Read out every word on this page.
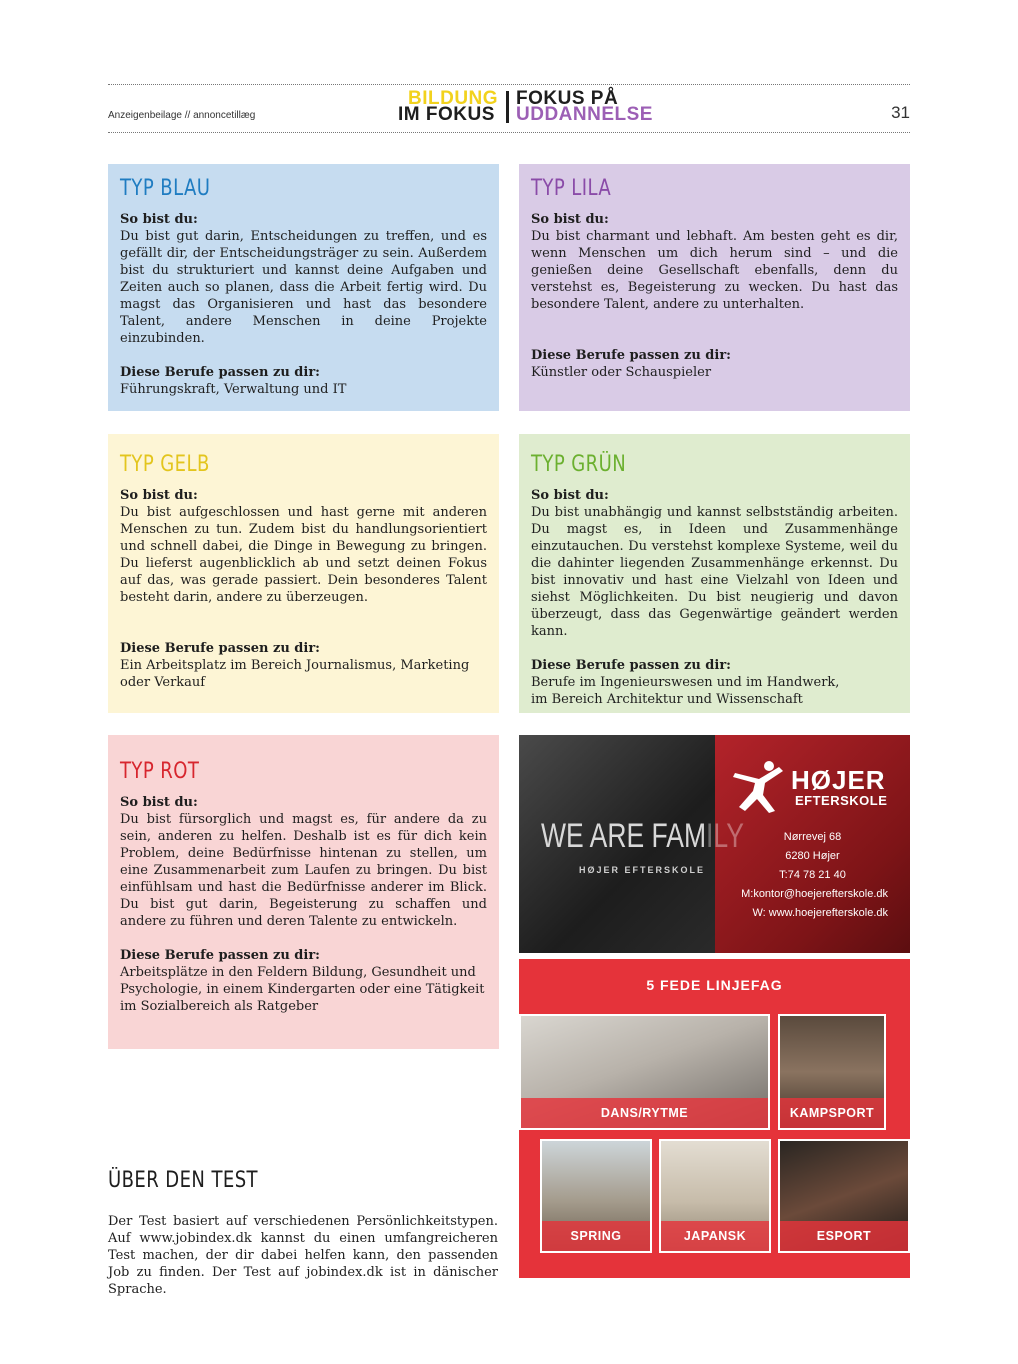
Anzeigenbeilage // annoncetillæg
BILDUNG
IM FOKUS
FOKUS PÅ
UDDANNELSE	31
TYP BLAU

So bist du:

Du bist gut darin, Entscheidungen zu treffen, und es gefällt dir, der Entscheidungsträger zu sein. Außerdem bist du strukturiert und kannst deine Aufgaben und Zeiten auch so planen, dass die Arbeit fertig wird. Du magst das Organisieren und hast das besondere Talent, andere Menschen in deine Projekte einzubinden.

Diese Berufe passen zu dir:

Führungskraft, Verwaltung und IT

TYP LILA

So bist du:

Du bist charmant und lebhaft. Am besten geht es dir, wenn Menschen um dich herum sind – und die genießen deine Gesellschaft ebenfalls, denn du verstehst es, Begeisterung zu wecken. Du hast das besondere Talent, andere zu unterhalten.

Diese Berufe passen zu dir:

Künstler oder Schauspieler

TYP GELB

So bist du:

Du bist aufgeschlossen und hast gerne mit anderen Menschen zu tun. Zudem bist du handlungsorientiert und schnell dabei, die Dinge in Bewegung zu bringen. Du lieferst augenblicklich ab und setzt deinen Fokus auf das, was gerade passiert. Dein besonderes Talent besteht darin, andere zu überzeugen.

Diese Berufe passen zu dir:

Ein Arbeitsplatz im Bereich Journalismus, Marketing oder Verkauf

TYP GRÜN

So bist du:

Du bist unabhängig und kannst selbstständig arbeiten. Du magst es, in Ideen und Zusammenhänge einzutauchen. Du verstehst komplexe Systeme, weil du die dahinter liegenden Zusammenhänge erkennst. Du bist innovativ und hast eine Vielzahl von Ideen und siehst Möglichkeiten. Du bist neugierig und davon überzeugt, dass das Gegenwärtige geändert werden kann.

Diese Berufe passen zu dir:

Berufe im Ingenieurswesen und im Handwerk, im Bereich Architektur und Wissenschaft

TYP ROT

So bist du:

Du bist fürsorglich und magst es, für andere da zu sein, anderen zu helfen. Deshalb ist es für dich kein Problem, deine Bedürfnisse hintenan zu stellen, um eine Zusammenarbeit zum Laufen zu bringen. Du bist einfühlsam und hast die Bedürfnisse anderer im Blick. Du bist gut darin, Begeisterung zu schaffen und andere zu führen und deren Talente zu entwickeln.

Diese Berufe passen zu dir:

Arbeitsplätze in den Feldern Bildung, Gesundheit und Psychologie, in einem Kindergarten oder eine Tätigkeit im Sozialbereich als Ratgeber

WE ARE FAMILY
HØJER EFTERSKOLE
HØJER
EFTERSKOLE
Nørrevej 68
6280 Højer
T:74 78 21 40
M:kontor@hoejerefterskole.dk
W: www.hoejerefterskole.dk
5 FEDE LINJEFAG
DANS/RYTME	KAMPSPORT
SPRING	JAPANSK	ESPORT
ÜBER DEN TEST

Der Test basiert auf verschiedenen Persönlichkeitstypen. Auf www.jobindex.dk kannst du einen umfangreicheren Test machen, der dir dabei helfen kann, den passenden Job zu finden. Der Test auf jobindex.dk ist in dänischer Sprache.
